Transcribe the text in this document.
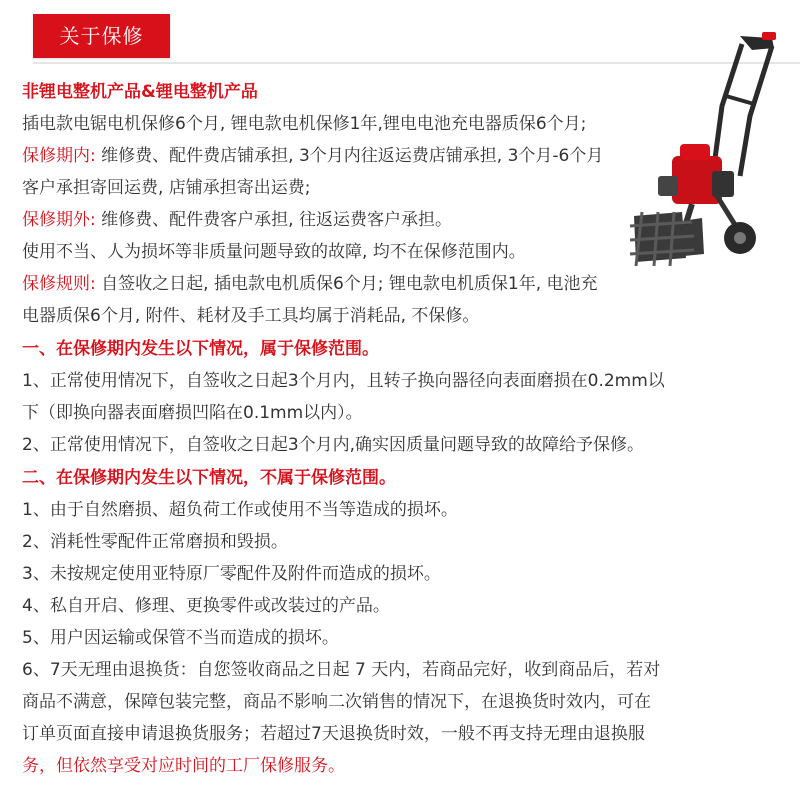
关于保修
非锂电整机产品&锂电整机产品
插电款电锯电机保修6个月, 锂电款电机保修1年,锂电电池充电器质保6个月;
保修期内: 维修费、配件费店铺承担, 3个月内往返运费店铺承担, 3个月-6个月
客户承担寄回运费, 店铺承担寄出运费;
保修期外: 维修费、配件费客户承担, 往返运费客户承担。
使用不当、人为损坏等非质量问题导致的故障, 均不在保修范围内。
保修规则: 自签收之日起, 插电款电机质保6个月; 锂电款电机质保1年, 电池充
电器质保6个月, 附件、耗材及手工具均属于消耗品, 不保修。
一、在保修期内发生以下情况，属于保修范围。
1、正常使用情况下，自签收之日起3个月内，且转子换向器径向表面磨损在0.2mm以
下（即换向器表面磨损凹陷在0.1mm以内）。
2、正常使用情况下，自签收之日起3个月内,确实因质量问题导致的故障给予保修。
二、在保修期内发生以下情况，不属于保修范围。
1、由于自然磨损、超负荷工作或使用不当等造成的损坏。
2、消耗性零配件正常磨损和毁损。
3、未按规定使用亚特原厂零配件及附件而造成的损坏。
4、私自开启、修理、更换零件或改装过的产品。
5、用户因运输或保管不当而造成的损坏。
6、7天无理由退换货：自您签收商品之日起 7 天内，若商品完好，收到商品后，若对
商品不满意，保障包装完整，商品不影响二次销售的情况下，在退换货时效内，可在
订单页面直接申请退换货服务；若超过7天退换货时效，一般不再支持无理由退换服
务，但依然享受对应时间的工厂保修服务。
